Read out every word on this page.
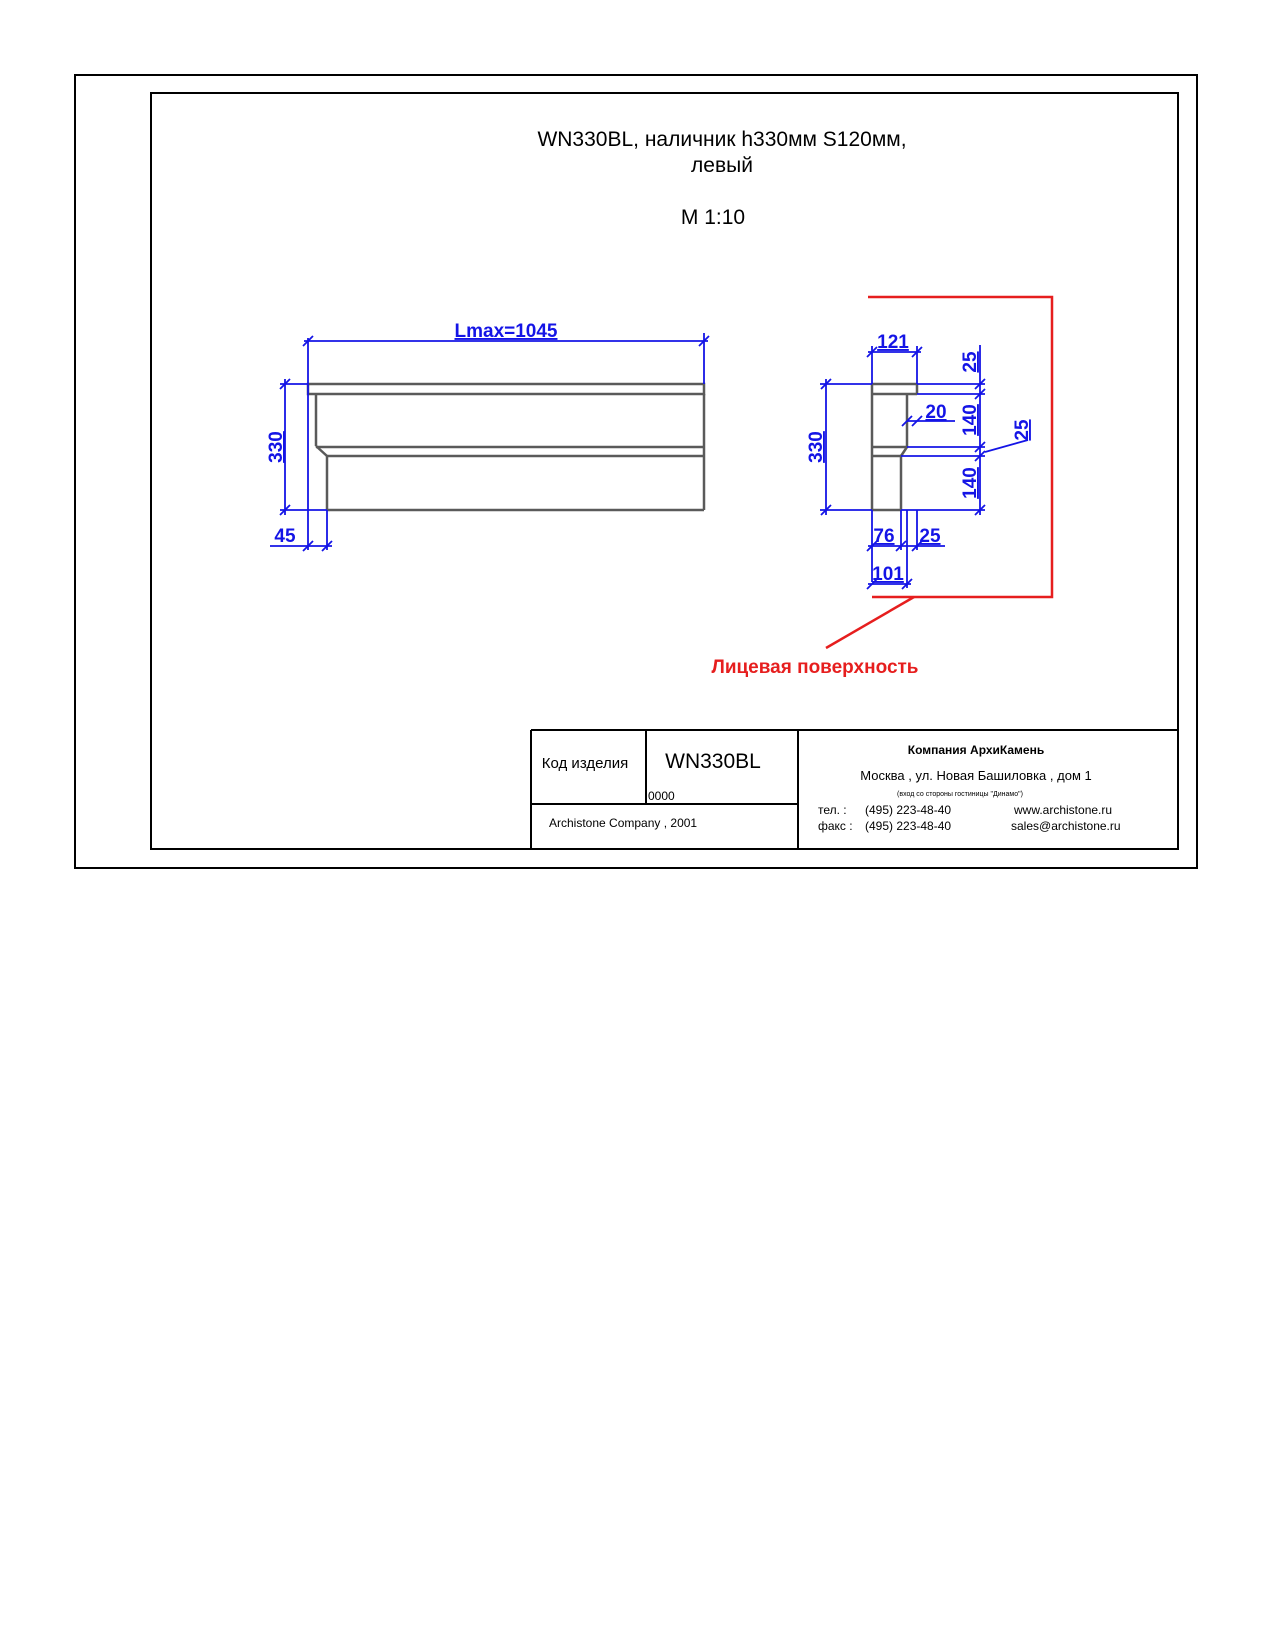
WN330BL, наличник h330мм S120мм,
левый
М 1:10
Lmax=1045
330
45
121
330
25
140
140
20
25
76 25
101
Лицевая поверхность
Код изделия WN330BL
0000
Archistone Company , 2001
Компания АрхиКамень
Москва , ул. Новая Башиловка , дом 1
(вход со стороны гостиницы "Динамо")
тел. : (495) 223-48-40
факс : (495) 223-48-40
www.archistone.ru
sales@archistone.ru
